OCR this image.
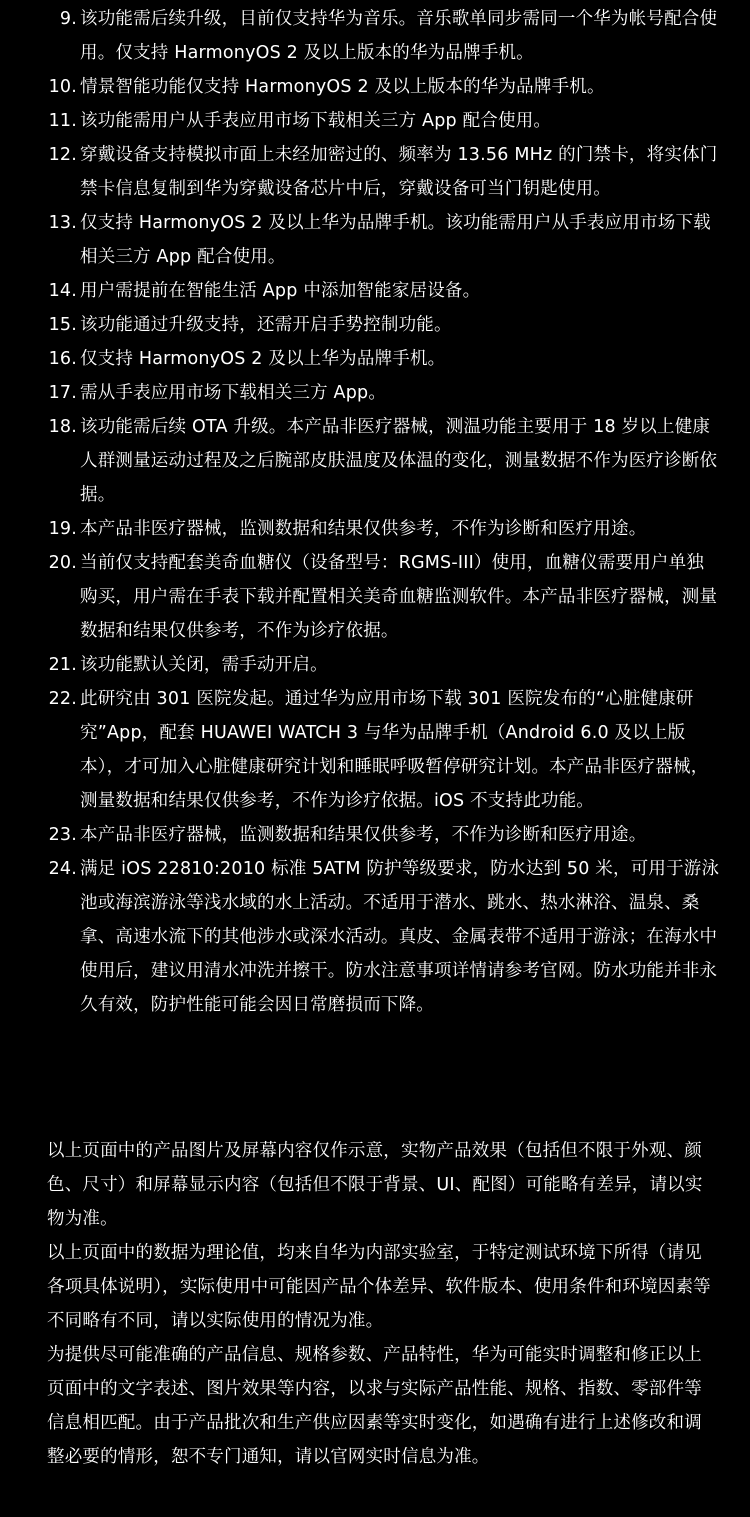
9. 该功能需后续升级，目前仅支持华为音乐。音乐歌单同步需同一个华为帐号配合使用。仅支持 HarmonyOS 2 及以上版本的华为品牌手机。
10. 情景智能功能仅支持 HarmonyOS 2 及以上版本的华为品牌手机。
11. 该功能需用户从手表应用市场下载相关三方 App 配合使用。
12. 穿戴设备支持模拟市面上未经加密过的、频率为 13.56 MHz 的门禁卡，将实体门禁卡信息复制到华为穿戴设备芯片中后，穿戴设备可当门钥匙使用。
13. 仅支持 HarmonyOS 2 及以上华为品牌手机。该功能需用户从手表应用市场下载相关三方 App 配合使用。
14. 用户需提前在智能生活 App 中添加智能家居设备。
15. 该功能通过升级支持，还需开启手势控制功能。
16. 仅支持 HarmonyOS 2 及以上华为品牌手机。
17. 需从手表应用市场下载相关三方 App。
18. 该功能需后续 OTA 升级。本产品非医疗器械，测温功能主要用于 18 岁以上健康人群测量运动过程及之后腕部皮肤温度及体温的变化，测量数据不作为医疗诊断依据。
19. 本产品非医疗器械，监测数据和结果仅供参考，不作为诊断和医疗用途。
20. 当前仅支持配套美奇血糖仪（设备型号：RGMS-III）使用，血糖仪需要用户单独购买，用户需在手表下载并配置相关美奇血糖监测软件。本产品非医疗器械，测量数据和结果仅供参考，不作为诊疗依据。
21. 该功能默认关闭，需手动开启。
22. 此研究由 301 医院发起。通过华为应用市场下载 301 医院发布的“心脏健康研究”App，配套 HUAWEI WATCH 3 与华为品牌手机（Android 6.0 及以上版本），才可加入心脏健康研究计划和睡眠呼吸暂停研究计划。本产品非医疗器械，测量数据和结果仅供参考，不作为诊疗依据。iOS 不支持此功能。
23. 本产品非医疗器械，监测数据和结果仅供参考，不作为诊断和医疗用途。
24. 满足 iOS 22810:2010 标准 5ATM 防护等级要求，防水达到 50 米，可用于游泳池或海滨游泳等浅水域的水上活动。不适用于潜水、跳水、热水淋浴、温泉、桑拿、高速水流下的其他涉水或深水活动。真皮、金属表带不适用于游泳；在海水中使用后，建议用清水冲洗并擦干。防水注意事项详情请参考官网。防水功能并非永久有效，防护性能可能会因日常磨损而下降。
以上页面中的产品图片及屏幕内容仅作示意，实物产品效果（包括但不限于外观、颜色、尺寸）和屏幕显示内容（包括但不限于背景、UI、配图）可能略有差异，请以实物为准。
以上页面中的数据为理论值，均来自华为内部实验室，于特定测试环境下所得（请见各项具体说明），实际使用中可能因产品个体差异、软件版本、使用条件和环境因素等不同略有不同，请以实际使用的情况为准。
为提供尽可能准确的产品信息、规格参数、产品特性，华为可能实时调整和修正以上页面中的文字表述、图片效果等内容，以求与实际产品性能、规格、指数、零部件等信息相匹配。由于产品批次和生产供应因素等实时变化，如遇确有进行上述修改和调整必要的情形，恕不专门通知，请以官网实时信息为准。
